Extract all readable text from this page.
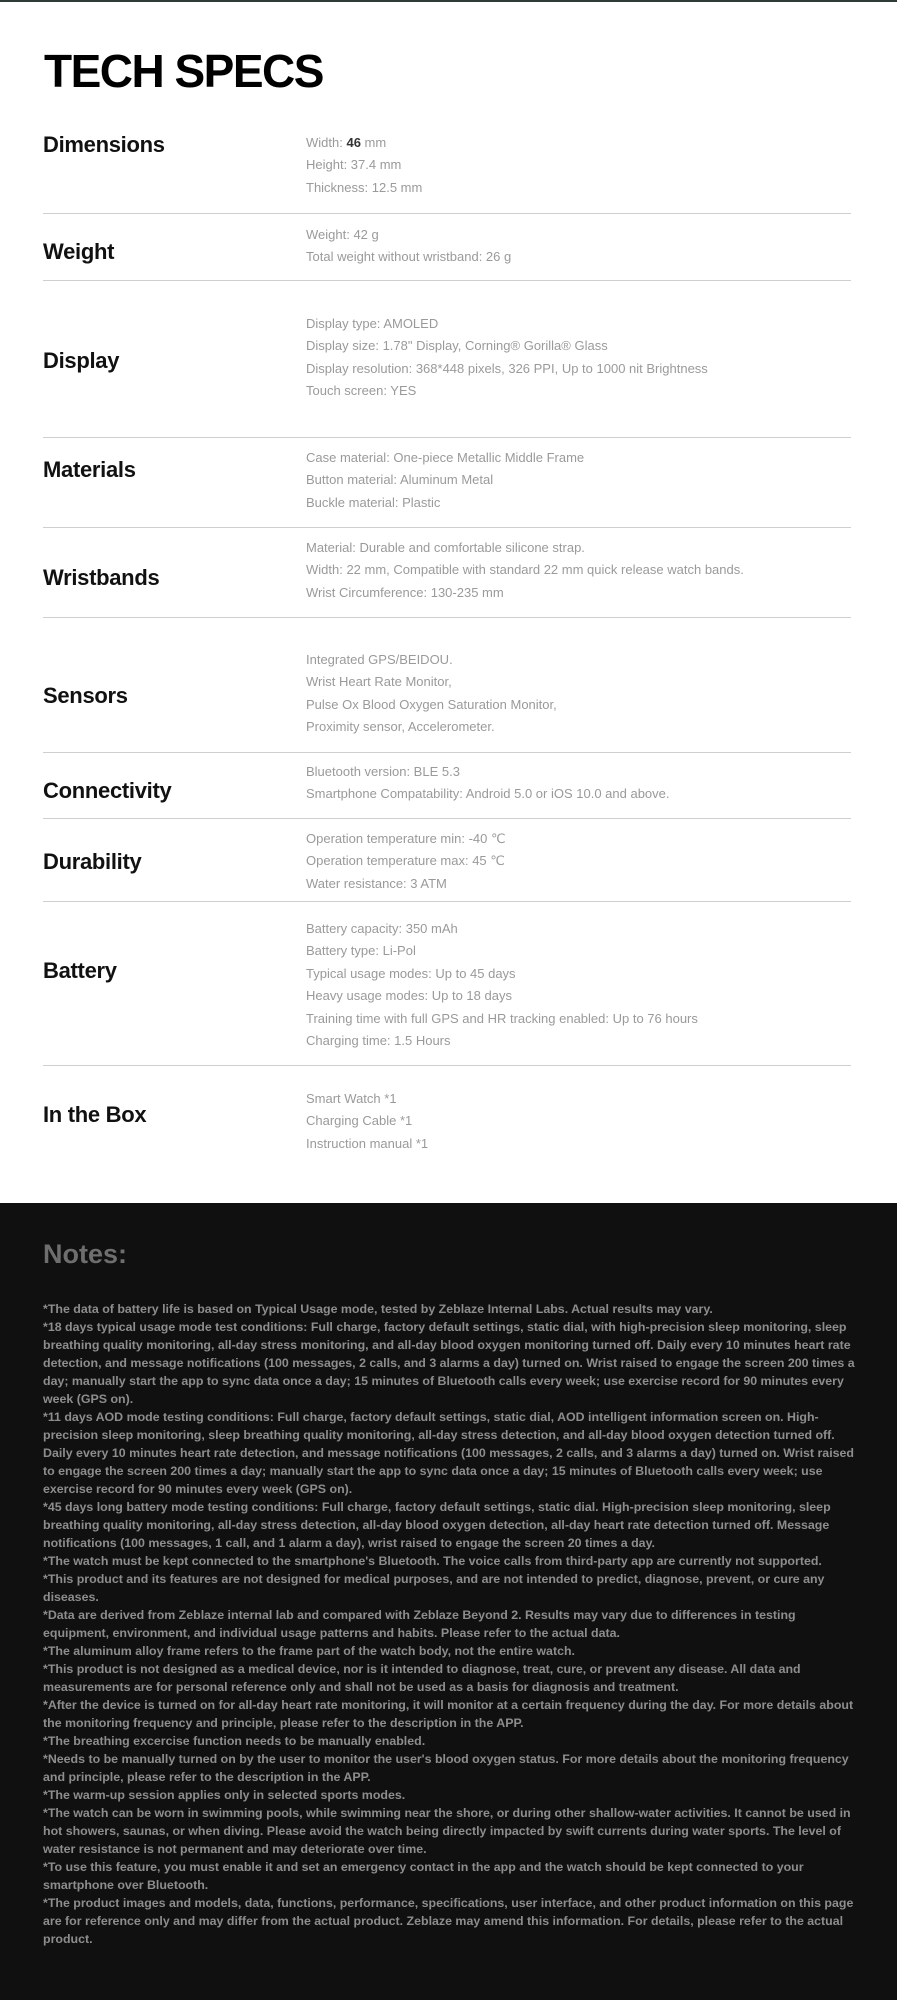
TECH SPECS
Dimensions	Width: 46 mm
Height: 37.4 mm
Thickness: 12.5 mm
Weight
Weight: 42 g
Total weight without wristband: 26 g
Display
Display type: AMOLED
Display size: 1.78" Display, Corning® Gorilla® Glass
Display resolution: 368*448 pixels, 326 PPI, Up to 1000 nit Brightness
Touch screen: YES
Materials	Case material: One-piece Metallic Middle Frame
Button material: Aluminum Metal
Buckle material: Plastic
Wristbands
Material: Durable and comfortable silicone strap.
Width: 22 mm, Compatible with standard 22 mm quick release watch bands.
Wrist Circumference: 130-235 mm
Sensors
Integrated GPS/BEIDOU.
Wrist Heart Rate Monitor,
Pulse Ox Blood Oxygen Saturation Monitor,
Proximity sensor, Accelerometer.
Connectivity
Bluetooth version: BLE 5.3
Smartphone Compatability: Android 5.0 or iOS 10.0 and above.
Durability
Operation temperature min: -40 ℃
Operation temperature max: 45 ℃
Water resistance: 3 ATM
Battery
Battery capacity: 350 mAh
Battery type: Li-Pol
Typical usage modes: Up to 45 days
Heavy usage modes: Up to 18 days
Training time with full GPS and HR tracking enabled: Up to 76 hours
Charging time: 1.5 Hours
In the Box
Smart Watch *1
Charging Cable *1
Instruction manual *1
Notes:

*The data of battery life is based on Typical Usage mode, tested by Zeblaze Internal Labs. Actual results may vary.

*18 days typical usage mode test conditions: Full charge, factory default settings, static dial, with high-precision sleep monitoring, sleep breathing quality monitoring, all-day stress monitoring, and all-day blood oxygen monitoring turned off. Daily every 10 minutes heart rate detection, and message notifications (100 messages, 2 calls, and 3 alarms a day) turned on. Wrist raised to engage the screen 200 times a day; manually start the app to sync data once a day; 15 minutes of Bluetooth calls every week; use exercise record for 90 minutes every week (GPS on).

*11 days AOD mode testing conditions: Full charge, factory default settings, static dial, AOD intelligent information screen on. High-precision sleep monitoring, sleep breathing quality monitoring, all-day stress detection, and all-day blood oxygen detection turned off. Daily every 10 minutes heart rate detection, and message notifications (100 messages, 2 calls, and 3 alarms a day) turned on. Wrist raised to engage the screen 200 times a day; manually start the app to sync data once a day; 15 minutes of Bluetooth calls every week; use exercise record for 90 minutes every week (GPS on).

*45 days long battery mode testing conditions: Full charge, factory default settings, static dial. High-precision sleep monitoring, sleep breathing quality monitoring, all-day stress detection, all-day blood oxygen detection, all-day heart rate detection turned off. Message notifications (100 messages, 1 call, and 1 alarm a day), wrist raised to engage the screen 20 times a day.

*The watch must be kept connected to the smartphone's Bluetooth. The voice calls from third-party app are currently not supported.

*This product and its features are not designed for medical purposes, and are not intended to predict, diagnose, prevent, or cure any diseases.

*Data are derived from Zeblaze internal lab and compared with Zeblaze Beyond 2. Results may vary due to differences in testing equipment, environment, and individual usage patterns and habits. Please refer to the actual data.

*The aluminum alloy frame refers to the frame part of the watch body, not the entire watch.

*This product is not designed as a medical device, nor is it intended to diagnose, treat, cure, or prevent any disease. All data and measurements are for personal reference only and shall not be used as a basis for diagnosis and treatment.

*After the device is turned on for all-day heart rate monitoring, it will monitor at a certain frequency during the day. For more details about the monitoring frequency and principle, please refer to the description in the APP.

*The breathing excercise function needs to be manually enabled.

*Needs to be manually turned on by the user to monitor the user's blood oxygen status. For more details about the monitoring frequency and principle, please refer to the description in the APP.

*The warm-up session applies only in selected sports modes.

*The watch can be worn in swimming pools, while swimming near the shore, or during other shallow-water activities. It cannot be used in hot showers, saunas, or when diving. Please avoid the watch being directly impacted by swift currents during water sports. The level of water resistance is not permanent and may deteriorate over time.

*To use this feature, you must enable it and set an emergency contact in the app and the watch should be kept connected to your smartphone over Bluetooth.

*The product images and models, data, functions, performance, specifications, user interface, and other product information on this page are for reference only and may differ from the actual product. Zeblaze may amend this information. For details, please refer to the actual product.
